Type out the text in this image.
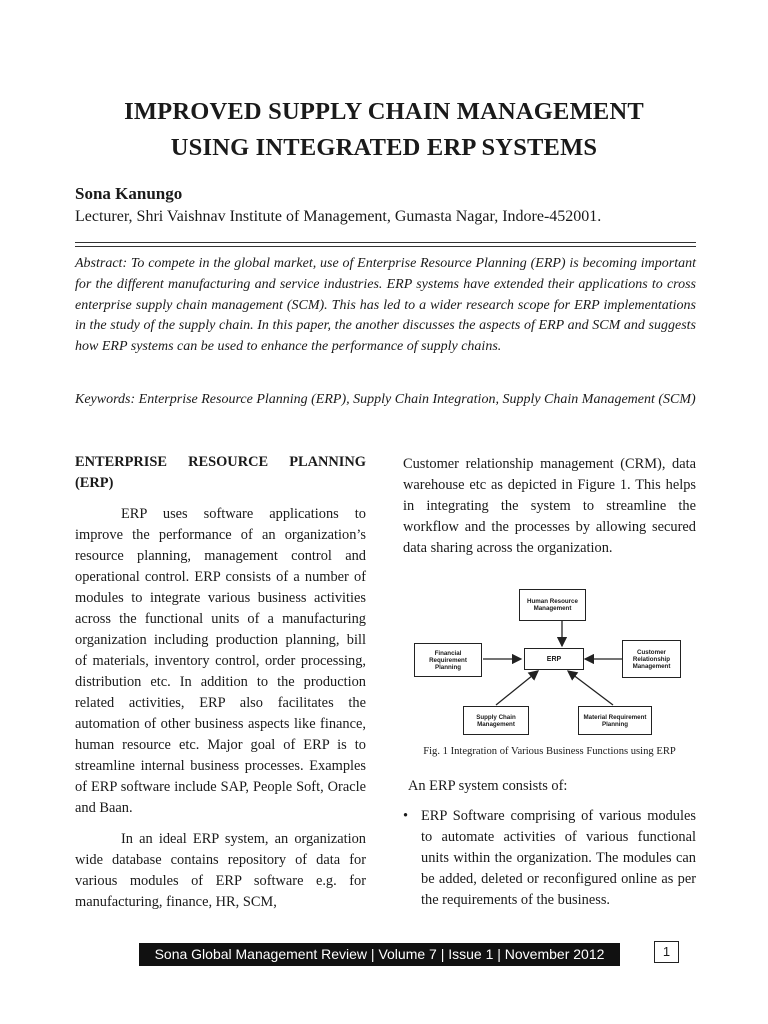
IMPROVED SUPPLY CHAIN MANAGEMENT
USING INTEGRATED ERP SYSTEMS
Sona Kanungo
Lecturer, Shri Vaishnav Institute of Management, Gumasta Nagar, Indore-452001.

Abstract: To compete in the global market, use of Enterprise Resource Planning (ERP) is becoming important for the different manufacturing and service industries. ERP systems have extended their applications to cross enterprise supply chain management (SCM). This has led to a wider research scope for ERP implementations in the study of the supply chain. In this paper, the another discusses the aspects of ERP and SCM and suggests how ERP systems can be used to enhance the performance of supply chains.

Keywords: Enterprise Resource Planning (ERP), Supply Chain Integration, Supply Chain Management (SCM)

ENTERPRISE RESOURCE PLANNING
(ERP)

ERP uses software applications to improve the performance of an organization’s resource planning, management control and operational control. ERP consists of a number of modules to integrate various business activities across the functional units of a manufacturing organization including production planning, bill of materials, inventory control, order processing, distribution etc. In addition to the production related activities, ERP also facilitates the automation of other business aspects like finance, human resource etc. Major goal of ERP is to streamline internal business processes. Examples of ERP software include SAP, People Soft, Oracle and Baan.

In an ideal ERP system, an organization wide database contains repository of data for various modules of ERP software e.g. for manufacturing, finance, HR, SCM,

Customer relationship management (CRM), data warehouse etc as depicted in Figure 1. This helps in integrating the system to streamline the workflow and the processes by allowing secured data sharing across the organization.

Human Resource Management
Financial Requirement Planning
ERP
Customer Relationship Management
Supply Chain Management
Material Requirement Planning
Fig. 1 Integration of Various Business Functions using ERP
An ERP system consists of:
• ERP Software comprising of various modules to automate activities of various functional units within the organization. The modules can be added, deleted or reconfigured online as per the requirements of the business.
Sona Global Management Review | Volume 7 | Issue 1 | November 2012	1
